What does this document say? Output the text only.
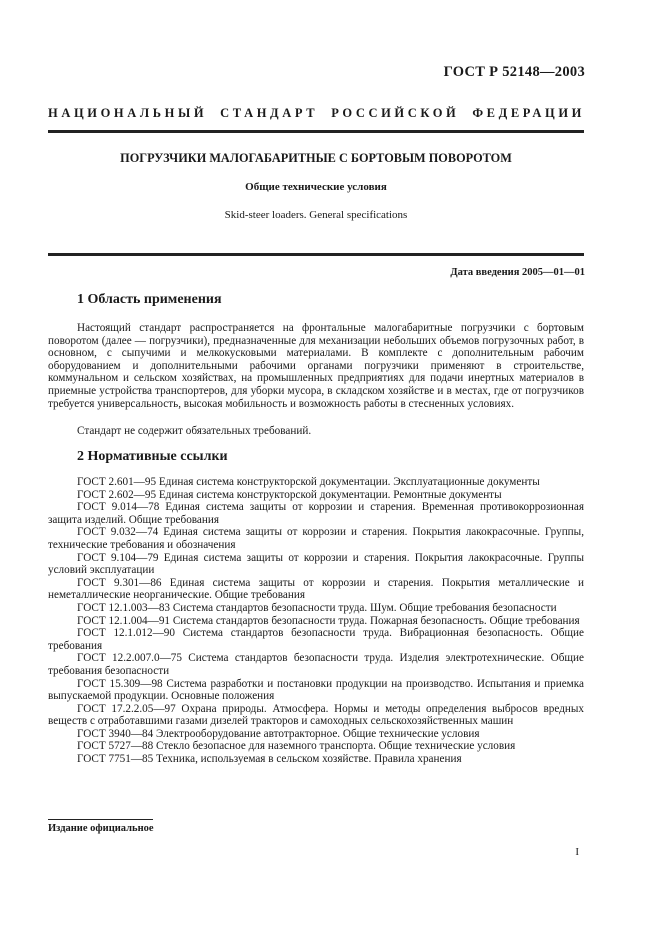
ГОСТ Р 52148—2003
НАЦИОНАЛЬНЫЙ СТАНДАРТ РОССИЙСКОЙ ФЕДЕРАЦИИ
ПОГРУЗЧИКИ МАЛОГАБАРИТНЫЕ С БОРТОВЫМ ПОВОРОТОМ
Общие технические условия
Skid-steer loaders. General specifications
Дата введения 2005—01—01
1 Область применения

Настоящий стандарт распространяется на фронтальные малогабаритные погрузчики с бортовым поворотом (далее — погрузчики), предназначенные для механизации небольших объемов погрузочных работ, в основном, с сыпучими и мелкокусковыми материалами. В комплекте с дополнительным рабочим оборудованием и дополнительными рабочими органами погрузчики применяют в строительстве, коммунальном и сельском хозяйствах, на промышленных предприятиях для подачи инертных материалов в приемные устройства транспортеров, для уборки мусора, в складском хозяйстве и в местах, где от погрузчиков требуется универсальность, высокая мобильность и возможность работы в стесненных условиях.

Стандарт не содержит обязательных требований.

2 Нормативные ссылки
ГОСТ 2.601—95 Единая система конструкторской документации. Эксплуатационные документы
ГОСТ 2.602—95 Единая система конструкторской документации. Ремонтные документы
ГОСТ 9.014—78 Единая система защиты от коррозии и старения. Временная противокоррозионная защита изделий. Общие требования
ГОСТ 9.032—74 Единая система защиты от коррозии и старения. Покрытия лакокрасочные. Группы, технические требования и обозначения
ГОСТ 9.104—79 Единая система защиты от коррозии и старения. Покрытия лакокрасочные. Группы условий эксплуатации
ГОСТ 9.301—86 Единая система защиты от коррозии и старения. Покрытия металлические и неметаллические неорганические. Общие требования
ГОСТ 12.1.003—83 Система стандартов безопасности труда. Шум. Общие требования безопасности
ГОСТ 12.1.004—91 Система стандартов безопасности труда. Пожарная безопасность. Общие требования
ГОСТ 12.1.012—90 Система стандартов безопасности труда. Вибрационная безопасность. Общие требования
ГОСТ 12.2.007.0—75 Система стандартов безопасности труда. Изделия электротехнические. Общие требования безопасности
ГОСТ 15.309—98 Система разработки и постановки продукции на производство. Испытания и приемка выпускаемой продукции. Основные положения
ГОСТ 17.2.2.05—97 Охрана природы. Атмосфера. Нормы и методы определения выбросов вредных веществ с отработавшими газами дизелей тракторов и самоходных сельскохозяйственных машин
ГОСТ 3940—84 Электрооборудование автотракторное. Общие технические условия
ГОСТ 5727—88 Стекло безопасное для наземного транспорта. Общие технические условия
ГОСТ 7751—85 Техника, используемая в сельском хозяйстве. Правила хранения
Издание официальное
I
